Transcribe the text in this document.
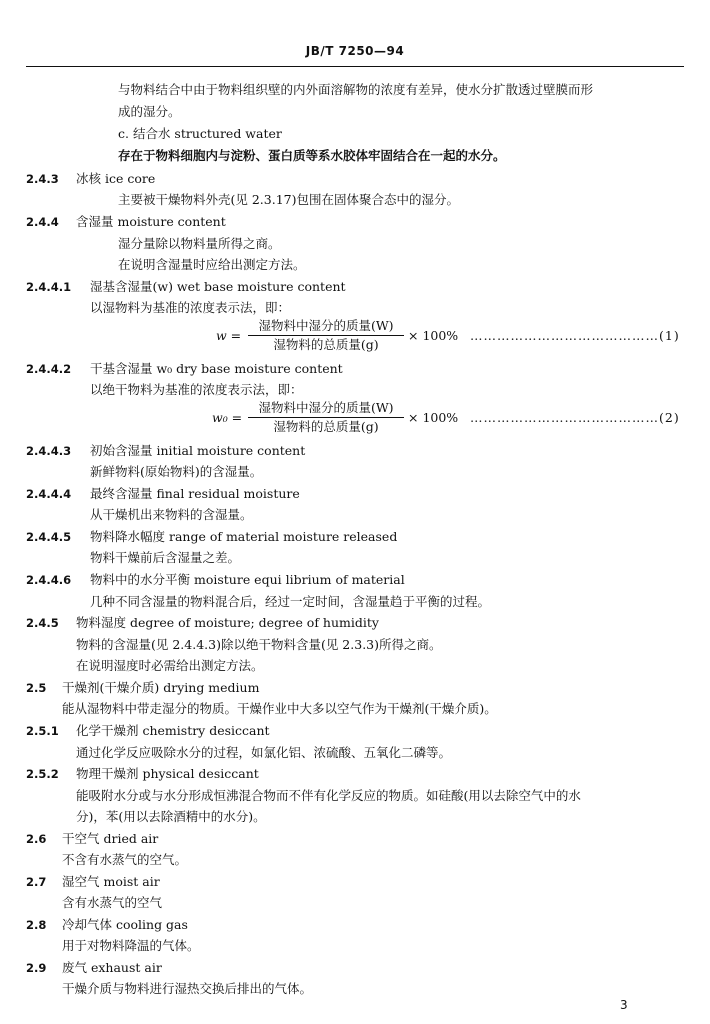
JB/T 7250—94
与物料结合中由于物料组织壁的内外面溶解物的浓度有差异，使水分扩散透过壁膜而形
成的湿分。
c. 结合水 structured water
存在于物料细胞内与淀粉、蛋白质等系水胶体牢固结合在一起的水分。
2.4.3 冰核 ice core
主要被干燥物料外壳(见 2.3.17)包围在固体聚合态中的湿分。
2.4.4 含湿量 moisture content
湿分量除以物料量所得之商。
在说明含湿量时应给出测定方法。
2.4.4.1 湿基含湿量(w) wet base moisture content
以湿物料为基准的浓度表示法，即：
w =
湿物料中湿分的质量(W)
湿物料的总质量(g)
× 100% ……………………………………(1)
2.4.4.2 干基含湿量 w₀ dry base moisture content
以绝干物料为基准的浓度表示法，即：
w₀ =
湿物料中湿分的质量(W)
湿物料的总质量(g)
× 100% ……………………………………(2)
2.4.4.3 初始含湿量 initial moisture content
新鲜物料(原始物料)的含湿量。
2.4.4.4 最终含湿量 final residual moisture
从干燥机出来物料的含湿量。
2.4.4.5 物料降水幅度 range of material moisture released
物料干燥前后含湿量之差。
2.4.4.6 物料中的水分平衡 moisture equi librium of material
几种不同含湿量的物料混合后，经过一定时间，含湿量趋于平衡的过程。
2.4.5 物料湿度 degree of moisture; degree of humidity
物料的含湿量(见 2.4.4.3)除以绝干物料含量(见 2.3.3)所得之商。
在说明湿度时必需给出测定方法。
2.5 干燥剂(干燥介质) drying medium
能从湿物料中带走湿分的物质。干燥作业中大多以空气作为干燥剂(干燥介质)。
2.5.1 化学干燥剂 chemistry desiccant
通过化学反应吸除水分的过程，如氯化铝、浓硫酸、五氧化二磷等。
2.5.2 物理干燥剂 physical desiccant
能吸附水分或与水分形成恒沸混合物而不伴有化学反应的物质。如硅酸(用以去除空气中的水
分)，苯(用以去除酒精中的水分)。
2.6 干空气 dried air
不含有水蒸气的空气。
2.7 湿空气 moist air
含有水蒸气的空气
2.8 冷却气体 cooling gas
用于对物料降温的气体。
2.9 废气 exhaust air
干燥介质与物料进行湿热交换后排出的气体。
3
